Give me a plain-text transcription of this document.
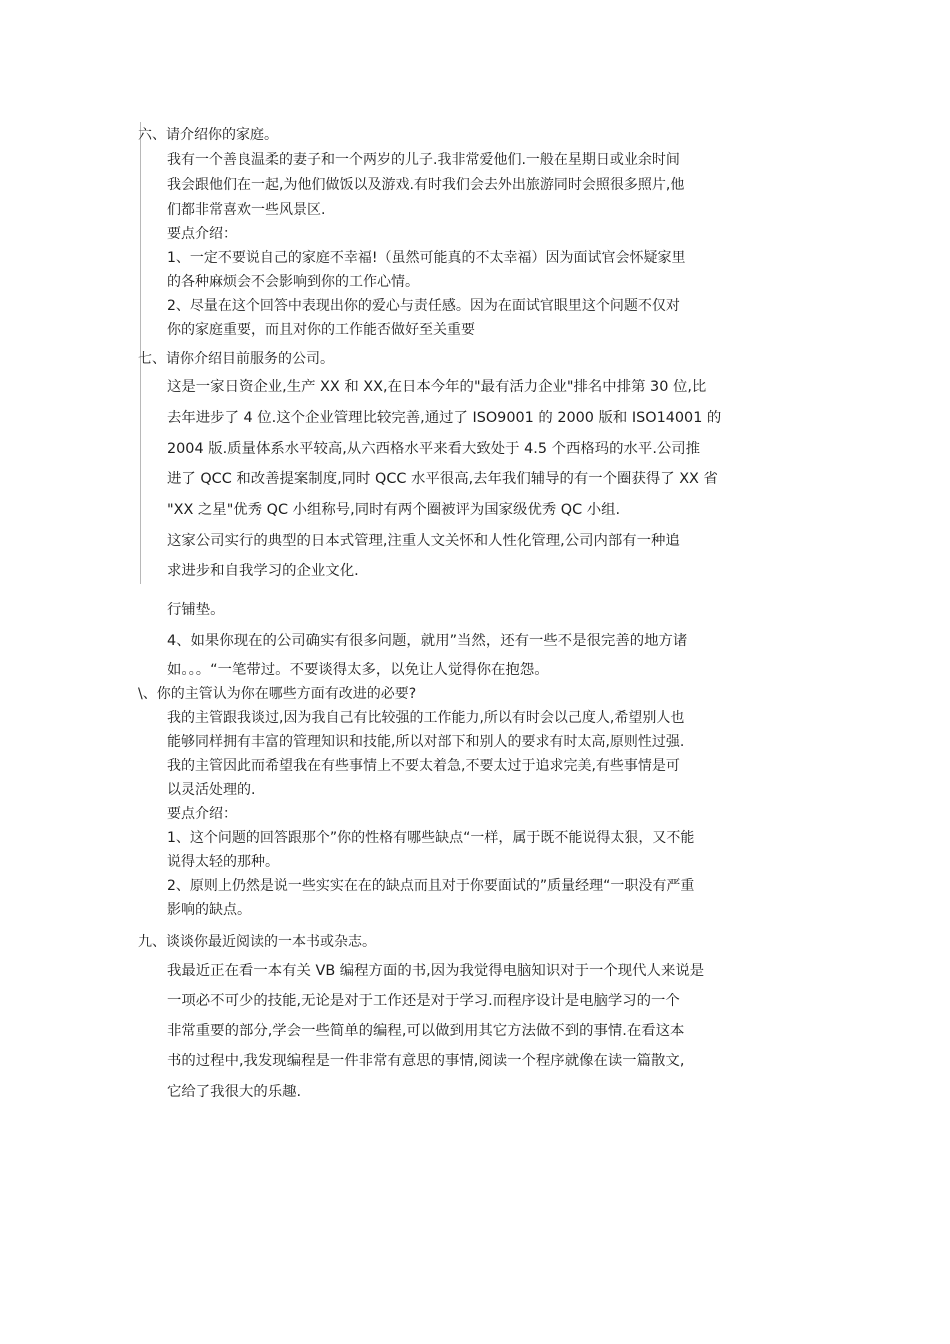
六、请介绍你的家庭。
我有一个善良温柔的妻子和一个两岁的儿子.我非常爱他们.一般在星期日或业余时间
我会跟他们在一起,为他们做饭以及游戏.有时我们会去外出旅游同时会照很多照片,他
们都非常喜欢一些风景区.
要点介绍：
1、一定不要说自己的家庭不幸福!（虽然可能真的不太幸福）因为面试官会怀疑家里
的各种麻烦会不会影响到你的工作心情。
2、尽量在这个回答中表现出你的爱心与责任感。因为在面试官眼里这个问题不仅对
你的家庭重要，而且对你的工作能否做好至关重要
七、请你介绍目前服务的公司。
这是一家日资企业,生产 XX 和 XX,在日本今年的"最有活力企业"排名中排第 30 位,比
去年进步了 4 位.这个企业管理比较完善,通过了 ISO9001 的 2000 版和 ISO14001 的
2004 版.质量体系水平较高,从六西格水平来看大致处于 4.5 个西格玛的水平.公司推
进了 QCC 和改善提案制度,同时 QCC 水平很高,去年我们辅导的有一个圈获得了 XX 省
"XX 之星"优秀 QC 小组称号,同时有两个圈被评为国家级优秀 QC 小组.
这家公司实行的典型的日本式管理,注重人文关怀和人性化管理,公司内部有一种追
求进步和自我学习的企业文化.
行铺垫。
4、如果你现在的公司确实有很多问题，就用”当然，还有一些不是很完善的地方诸
如。。。“一笔带过。不要谈得太多，以免让人觉得你在抱怨。
\、你的主管认为你在哪些方面有改进的必要?
我的主管跟我谈过,因为我自己有比较强的工作能力,所以有时会以己度人,希望别人也
能够同样拥有丰富的管理知识和技能,所以对部下和别人的要求有时太高,原则性过强.
我的主管因此而希望我在有些事情上不要太着急,不要太过于追求完美,有些事情是可
以灵活处理的.
要点介绍：
1、这个问题的回答跟那个”你的性格有哪些缺点“一样，属于既不能说得太狠，又不能
说得太轻的那种。
2、原则上仍然是说一些实实在在的缺点而且对于你要面试的”质量经理“一职没有严重
影响的缺点。
九、谈谈你最近阅读的一本书或杂志。
我最近正在看一本有关 VB 编程方面的书,因为我觉得电脑知识对于一个现代人来说是
一项必不可少的技能,无论是对于工作还是对于学习.而程序设计是电脑学习的一个
非常重要的部分,学会一些简单的编程,可以做到用其它方法做不到的事情.在看这本
书的过程中,我发现编程是一件非常有意思的事情,阅读一个程序就像在读一篇散文,
它给了我很大的乐趣.
